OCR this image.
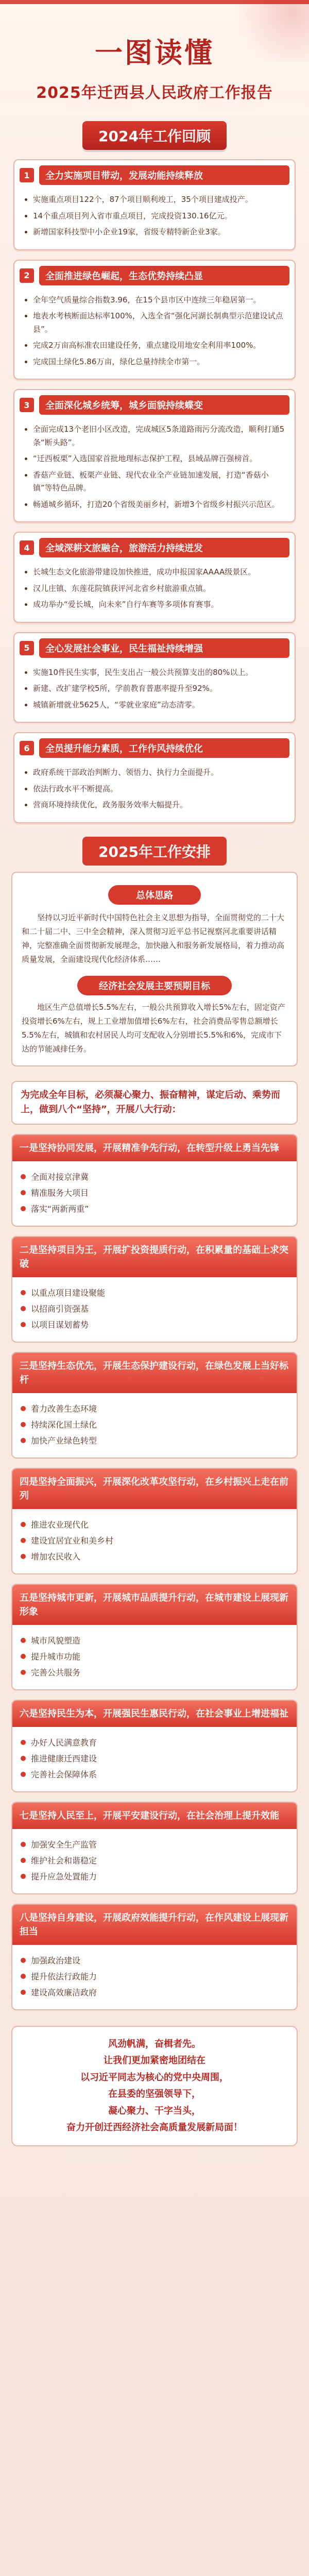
一图读懂
2025年迁西县人民政府工作报告
2024年工作回顾
1	全力实施项目带动，发展动能持续释放
• 实施重点项目122个，87个项目顺利竣工，35个项目建成投产。
• 14个重点项目列入省市重点项目，完成投资130.16亿元。
• 新增国家科技型中小企业19家，省级专精特新企业3家。
2	全面推进绿色崛起，生态优势持续凸显
• 全年空气质量综合指数3.96，在15个县市区中连续三年稳居第一。
• 地表水考核断面达标率100%，入选全省“强化河湖长制典型示范建设试点县”。
• 完成2万亩高标准农田建设任务，重点建设用地安全利用率100%。
• 完成国土绿化5.86万亩，绿化总量持续全市第一。
3	全面深化城乡统筹，城乡面貌持续蝶变
• 全面完成13个老旧小区改造，完成城区5条道路雨污分流改造，顺利打通5条“断头路”。
• “迁西板栗”入选国家首批地理标志保护工程，县域品牌百强榜首。
• 香菇产业链、板栗产业链、现代农业全产业链加速发展，打造“香菇小镇”等特色品牌。
• 畅通城乡循环，打造20个省级美丽乡村，新增3个省级乡村振兴示范区。
4	全域深耕文旅融合，旅游活力持续迸发
• 长城生态文化旅游带建设加快推进，成功申报国家AAAA级景区。
• 汉儿庄镇、东莲花院镇获评河北省乡村旅游重点镇。
• 成功举办“爱长城，向未来”自行车赛等多项体育赛事。
5	全心发展社会事业，民生福祉持续增强
• 实施10件民生实事，民生支出占一般公共预算支出的80%以上。
• 新建、改扩建学校5所，学前教育普惠率提升至92%。
• 城镇新增就业5625人，“零就业家庭”动态清零。
6	全员提升能力素质，工作作风持续优化
• 政府系统干部政治判断力、领悟力、执行力全面提升。
• 依法行政水平不断提高。
• 营商环境持续优化，政务服务效率大幅提升。
2025年工作安排
总体思路
坚持以习近平新时代中国特色社会主义思想为指导，全面贯彻党的二十大和二十届二中、三中全会精神，深入贯彻习近平总书记视察河北重要讲话精神，完整准确全面贯彻新发展理念，加快融入和服务新发展格局，着力推动高质量发展，全面建设现代化经济体系……
经济社会发展主要预期目标
地区生产总值增长5.5%左右，一般公共预算收入增长5%左右，固定资产投资增长6%左右，规上工业增加值增长6%左右，社会消费品零售总额增长5.5%左右，城镇和农村居民人均可支配收入分别增长5.5%和6%，完成市下达的节能减排任务。
为完成全年目标，必须凝心聚力、振奋精神，谋定后动、乘势而上，做到八个“坚持”，开展八大行动：
一是坚持协同发展，开展精准争先行动，在转型升级上勇当先锋
全面对接京津冀
精准服务大项目
落实“两新两重”
二是坚持项目为王，开展扩投资提质行动，在积累量的基础上求突破
以重点项目建设聚能
以招商引资强基
以项目谋划蓄势
三是坚持生态优先，开展生态保护建设行动，在绿色发展上当好标杆
着力改善生态环境
持续深化国土绿化
加快产业绿色转型
四是坚持全面振兴，开展深化改革攻坚行动，在乡村振兴上走在前列
推进农业现代化
建设宜居宜业和美乡村
增加农民收入
五是坚持城市更新，开展城市品质提升行动，在城市建设上展现新形象
城市风貌塑造
提升城市功能
完善公共服务
六是坚持民生为本，开展强民生惠民行动，在社会事业上增进福祉
办好人民满意教育
推进健康迁西建设
完善社会保障体系
七是坚持人民至上，开展平安建设行动，在社会治理上提升效能
加强安全生产监管
维护社会和谐稳定
提升应急处置能力
八是坚持自身建设，开展政府效能提升行动，在作风建设上展现新担当
加强政治建设
提升依法行政能力
建设高效廉洁政府
风劲帆满，奋楫者先。
让我们更加紧密地团结在
以习近平同志为核心的党中央周围，
在县委的坚强领导下，
凝心聚力、干字当头，
奋力开创迁西经济社会高质量发展新局面！
